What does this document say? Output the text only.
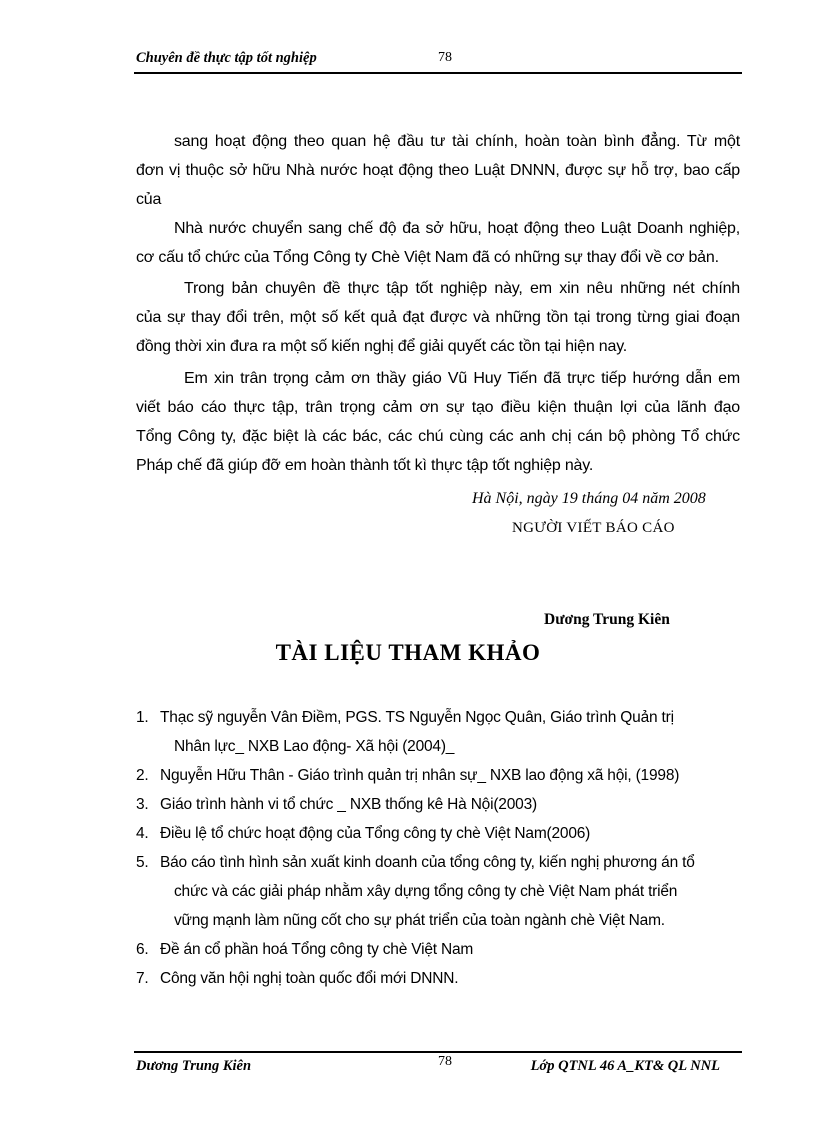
Chuyên đề thực tập tốt nghiệp	78
sang hoạt động theo quan hệ đầu tư tài chính, hoàn toàn bình đẳng. Từ một
đơn vị thuộc sở hữu Nhà nước hoạt động theo Luật DNNN, được sự hỗ trợ, bao cấp
của
Nhà nước chuyển sang chế độ đa sở hữu, hoạt động theo Luật Doanh nghiệp,
cơ cấu tổ chức của Tổng Công ty Chè Việt Nam đã có những sự thay đổi về cơ bản.
Trong bản chuyên đề thực tập tốt nghiệp này, em xin nêu những nét chính
của sự thay đổi trên, một số kết quả đạt được và những tồn tại trong từng giai đoạn
đồng thời xin đưa ra một số kiến nghị để giải quyết các tồn tại hiện nay.
Em xin trân trọng cảm ơn thầy giáo Vũ Huy Tiến đã trực tiếp hướng dẫn em
viết báo cáo thực tập, trân trọng cảm ơn sự tạo điều kiện thuận lợi của lãnh đạo
Tổng Công ty, đặc biệt là các bác, các chú cùng các anh chị cán bộ phòng Tổ chức
Pháp chế đã giúp đỡ em hoàn thành tốt kì thực tập tốt nghiệp này.
Hà Nội, ngày 19 tháng 04 năm 2008
NGƯỜI VIẾT BÁO CÁO
Dương Trung Kiên
TÀI LIỆU THAM KHẢO
1. Thạc sỹ nguyễn Vân Điềm, PGS. TS Nguyễn Ngọc Quân, Giáo trình Quản trị
Nhân lực_ NXB Lao động- Xã hội (2004)_
2. Nguyễn Hữu Thân - Giáo trình quản trị nhân sự_ NXB lao động xã hội, (1998)
3. Giáo trình hành vi tổ chức _ NXB thống kê Hà Nội(2003)
4. Điều lệ tổ chức hoạt động của Tổng công ty chè Việt Nam(2006)
5. Báo cáo tình hình sản xuất kinh doanh của tổng công ty, kiến nghị phương án tổ
chức và các giải pháp nhằm xây dựng tổng công ty chè Việt Nam phát triển
vững mạnh làm nũng cốt cho sự phát triển của toàn ngành chè Việt Nam.
6. Đề án cổ phần hoá Tổng công ty chè Việt Nam
7. Công văn hội nghị toàn quốc đổi mới DNNN.
Dương Trung Kiên	78	Lớp QTNL 46 A_KT& QL NNL
